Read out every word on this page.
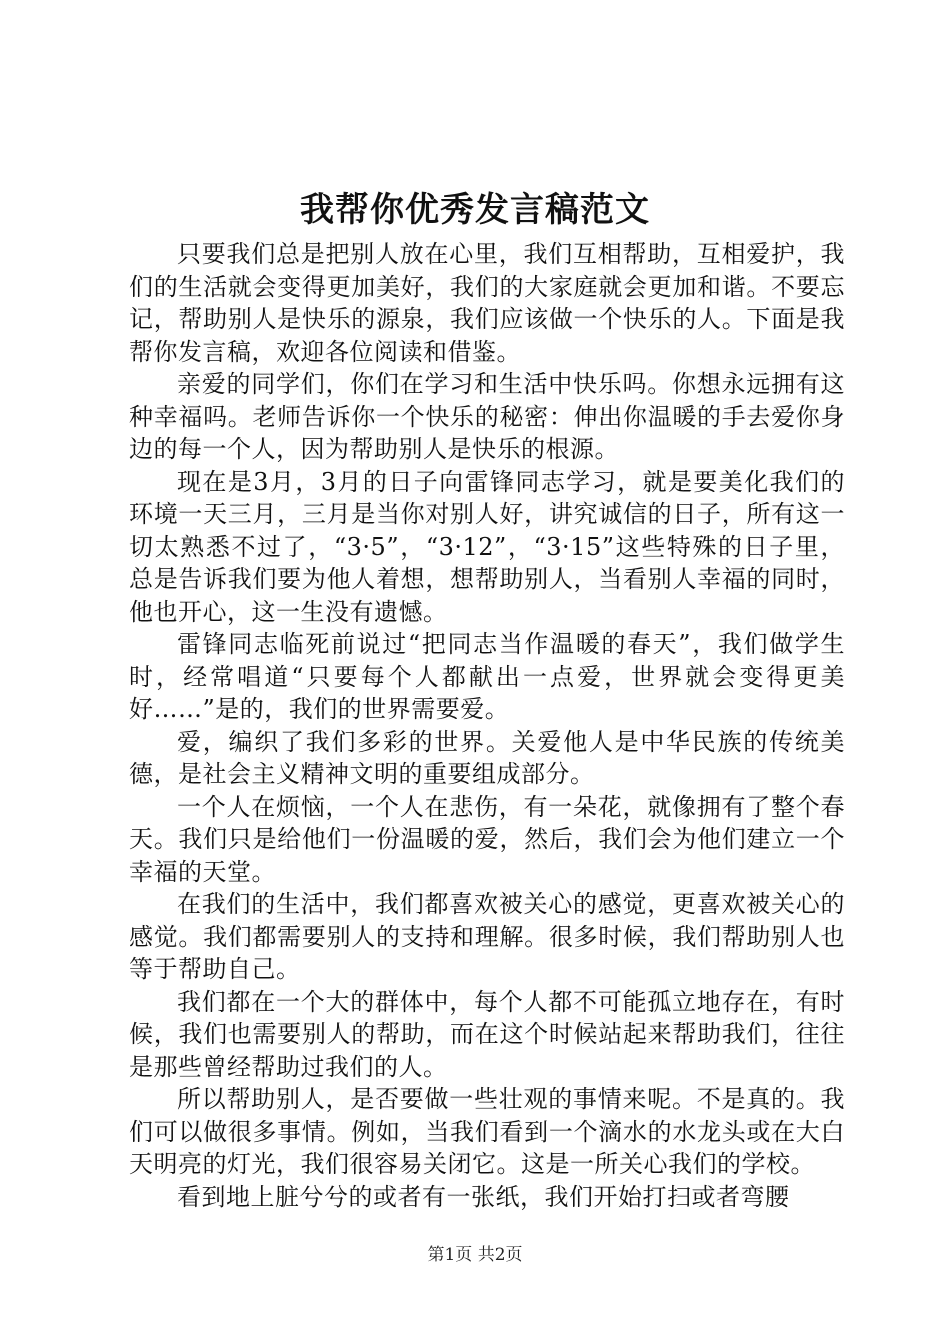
我帮你优秀发言稿范文

只要我们总是把别人放在心里，我们互相帮助，互相爱护，我们的生活就会变得更加美好，我们的大家庭就会更加和谐。不要忘记，帮助别人是快乐的源泉，我们应该做一个快乐的人。下面是我帮你发言稿，欢迎各位阅读和借鉴。

亲爱的同学们，你们在学习和生活中快乐吗。你想永远拥有这种幸福吗。老师告诉你一个快乐的秘密：伸出你温暖的手去爱你身边的每一个人，因为帮助别人是快乐的根源。

现在是3月，3月的日子向雷锋同志学习，就是要美化我们的环境一天三月，三月是当你对别人好，讲究诚信的日子，所有这一切太熟悉不过了，“3·5”，“3·12”，“3·15”这些特殊的日子里，总是告诉我们要为他人着想，想帮助别人，当看别人幸福的同时，他也开心，这一生没有遗憾。

雷锋同志临死前说过“把同志当作温暖的春天”，我们做学生时，经常唱道“只要每个人都献出一点爱，世界就会变得更美好……”是的，我们的世界需要爱。

爱，编织了我们多彩的世界。关爱他人是中华民族的传统美德，是社会主义精神文明的重要组成部分。

一个人在烦恼，一个人在悲伤，有一朵花，就像拥有了整个春天。我们只是给他们一份温暖的爱，然后，我们会为他们建立一个幸福的天堂。

在我们的生活中，我们都喜欢被关心的感觉，更喜欢被关心的感觉。我们都需要别人的支持和理解。很多时候，我们帮助别人也等于帮助自己。

我们都在一个大的群体中，每个人都不可能孤立地存在，有时候，我们也需要别人的帮助，而在这个时候站起来帮助我们，往往是那些曾经帮助过我们的人。

所以帮助别人，是否要做一些壮观的事情来呢。不是真的。我们可以做很多事情。例如，当我们看到一个滴水的水龙头或在大白天明亮的灯光，我们很容易关闭它。这是一所关心我们的学校。

看到地上脏兮兮的或者有一张纸，我们开始打扫或者弯腰

第1页 共2页
